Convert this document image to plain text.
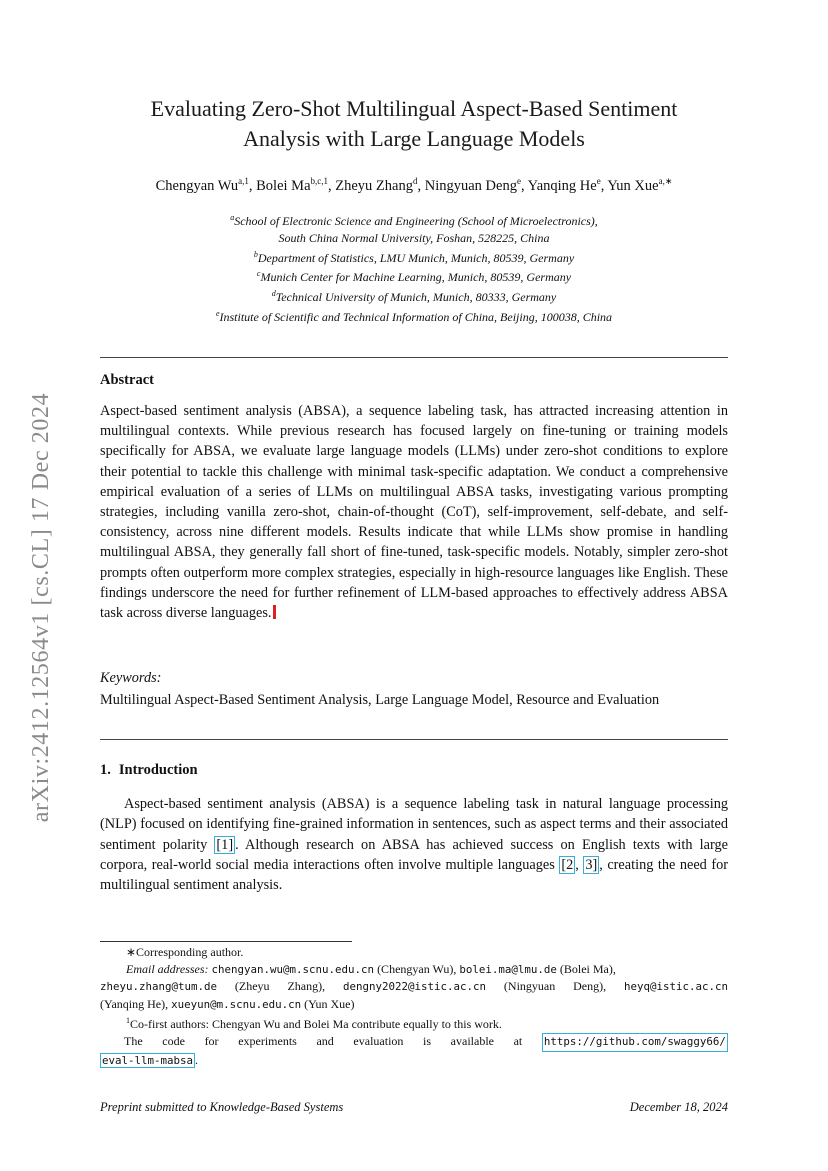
arXiv:2412.12564v1 [cs.CL] 17 Dec 2024
Evaluating Zero-Shot Multilingual Aspect-Based Sentiment
Analysis with Large Language Models
Chengyan Wu$^{a,1}$, Bolei Ma$^{b,c,1}$, Zheyu Zhang$^d$, Ningyuan Deng$^e$, Yanqing He$^e$, Yun Xue$^{a,∗}$
$^a$School of Electronic Science and Engineering (School of Microelectronics),
South China Normal University, Foshan, 528225, China
$^b$Department of Statistics, LMU Munich, Munich, 80539, Germany
$^c$Munich Center for Machine Learning, Munich, 80539, Germany
$^d$Technical University of Munich, Munich, 80333, Germany
$^e$Institute of Scientific and Technical Information of China, Beijing, 100038, China
Abstract
Aspect-based sentiment analysis (ABSA), a sequence labeling task, has attracted increasing attention in multilingual contexts. While previous research has focused largely on fine-tuning or training models specifically for ABSA, we evaluate large language models (LLMs) under zero-shot conditions to explore their potential to tackle this challenge with minimal task-specific adaptation. We conduct a comprehensive empirical evaluation of a series of LLMs on multilingual ABSA tasks, investigating various prompting strategies, including vanilla zero-shot, chain-of-thought (CoT), self-improvement, self-debate, and self-consistency, across nine different models. Results indicate that while LLMs show promise in handling multilingual ABSA, they generally fall short of fine-tuned, task-specific models. Notably, simpler zero-shot prompts often outperform more complex strategies, especially in high-resource languages like English. These findings underscore the need for further refinement of LLM-based approaches to effectively address ABSA task across diverse languages.
Keywords:
Multilingual Aspect-Based Sentiment Analysis, Large Language Model, Resource and Evaluation
1. Introduction
Aspect-based sentiment analysis (ABSA) is a sequence labeling task in natural language processing (NLP) focused on identifying fine-grained information in sentences, such as aspect terms and their associated sentiment polarity [1] . Although research on ABSA has achieved success on English texts with large corpora, real-world social media interactions often involve multiple languages [2 , 3] , creating the need for multilingual sentiment analysis.
∗Corresponding author.
Email addresses: chengyan.wu@m.scnu.edu.cn (Chengyan Wu), bolei.ma@lmu.de (Bolei Ma),
zheyu.zhang@tum.de (Zheyu Zhang), dengny2022@istic.ac.cn (Ningyuan Deng), heyq@istic.ac.cn
(Yanqing He), xueyun@m.scnu.edu.cn (Yun Xue)
$^1$Co-first authors: Chengyan Wu and Bolei Ma contribute equally to this work.
The code for experiments and evaluation is available at https://github.com/swaggy66/
eval-llm-mabsa .
Preprint submitted to Knowledge-Based Systems	December 18, 2024
